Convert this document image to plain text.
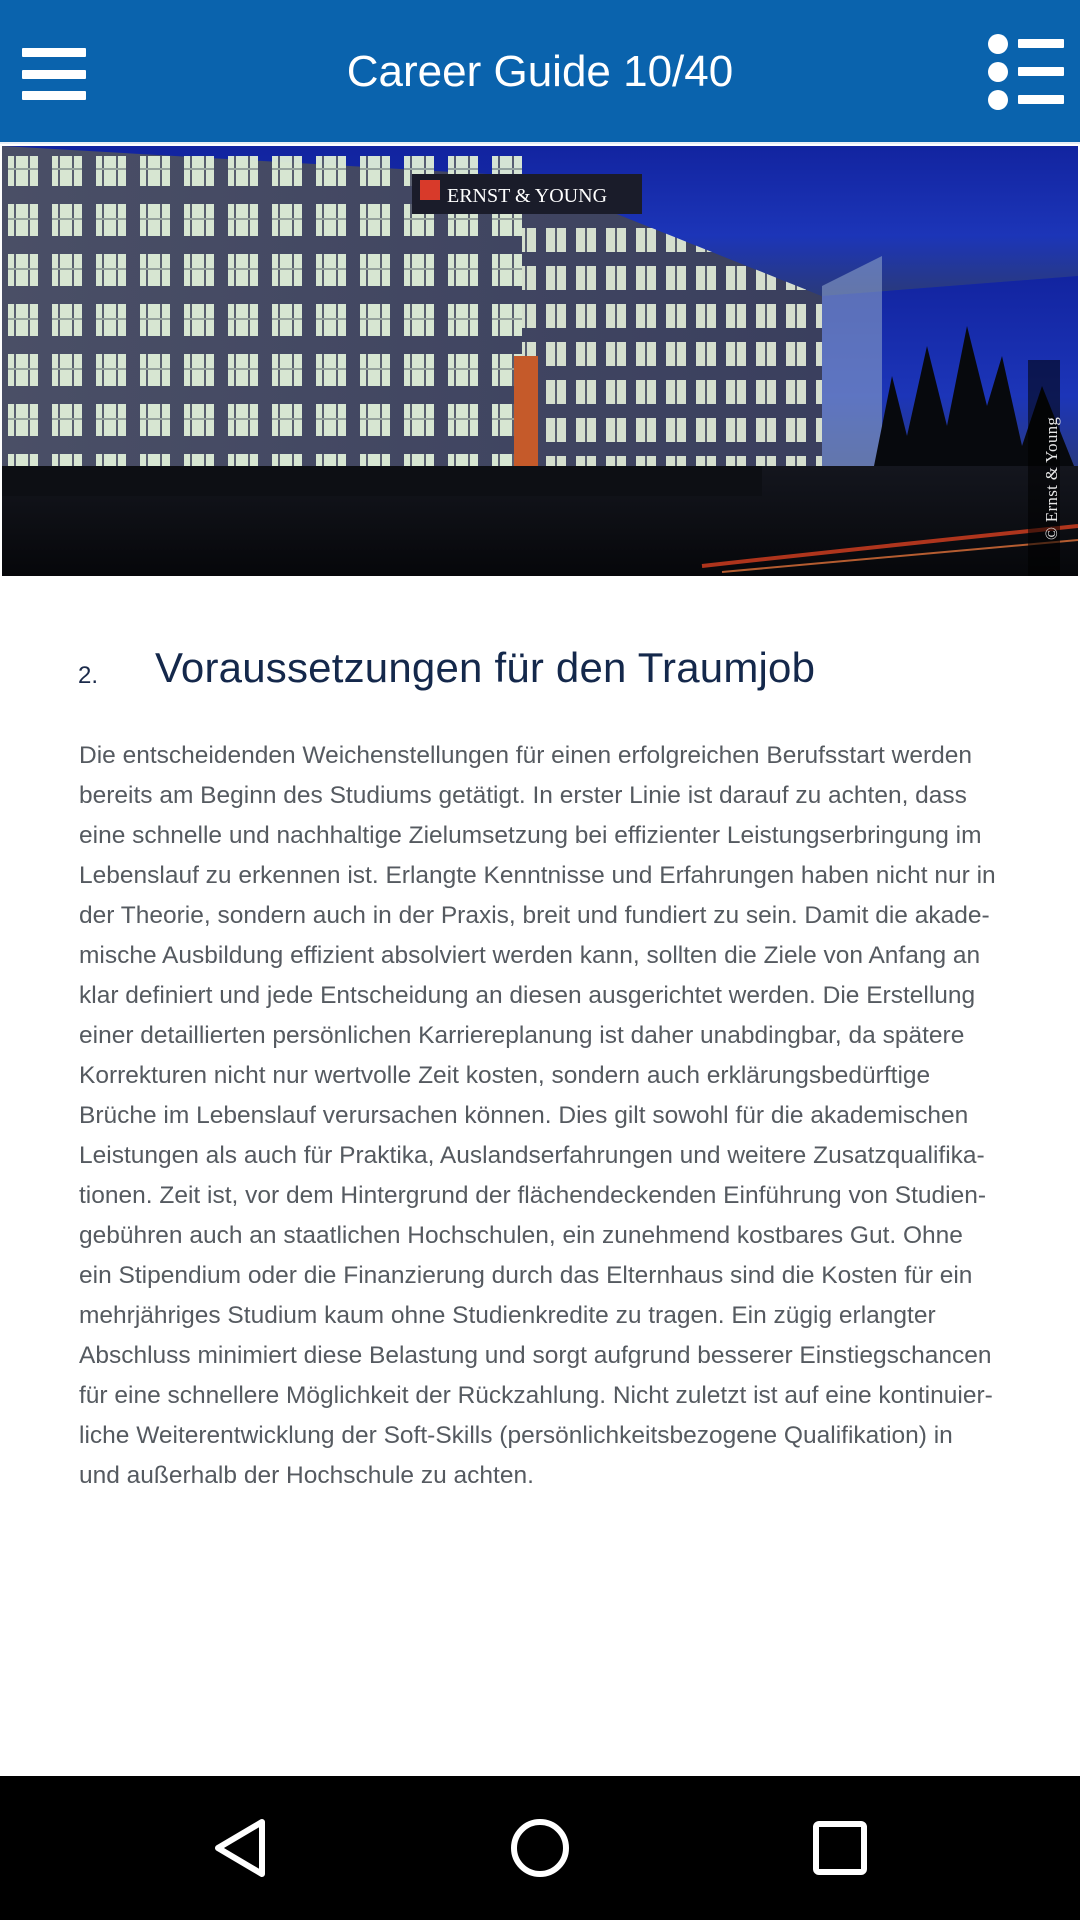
Career Guide 10/40
ERNST & YOUNG
© Ernst & Young
2. Voraussetzungen für den Traumjob
Die entscheidenden Weichenstellungen für einen erfolgreichen Berufsstart werden
bereits am Beginn des Studiums getätigt. In erster Linie ist darauf zu achten, dass
eine schnelle und nachhaltige Zielumsetzung bei effizienter Leistungserbringung im
Lebenslauf zu erkennen ist. Erlangte Kenntnisse und Erfahrungen haben nicht nur in
der Theorie, sondern auch in der Praxis, breit und fundiert zu sein. Damit die akade-
mische Ausbildung effizient absolviert werden kann, sollten die Ziele von Anfang an
klar definiert und jede Entscheidung an diesen ausgerichtet werden. Die Erstellung
einer detaillierten persönlichen Karriereplanung ist daher unabdingbar, da spätere
Korrekturen nicht nur wertvolle Zeit kosten, sondern auch erklärungsbedürftige
Brüche im Lebenslauf verursachen können. Dies gilt sowohl für die akademischen
Leistungen als auch für Praktika, Auslandserfahrungen und weitere Zusatzqualifika-
tionen. Zeit ist, vor dem Hintergrund der flächendeckenden Einführung von Studien-
gebühren auch an staatlichen Hochschulen, ein zunehmend kostbares Gut. Ohne
ein Stipendium oder die Finanzierung durch das Elternhaus sind die Kosten für ein
mehrjähriges Studium kaum ohne Studienkredite zu tragen. Ein zügig erlangter
Abschluss minimiert diese Belastung und sorgt aufgrund besserer Einstiegschancen
für eine schnellere Möglichkeit der Rückzahlung. Nicht zuletzt ist auf eine kontinuier-
liche Weiterentwicklung der Soft-Skills (persönlichkeitsbezogene Qualifikation) in
und außerhalb der Hochschule zu achten.
